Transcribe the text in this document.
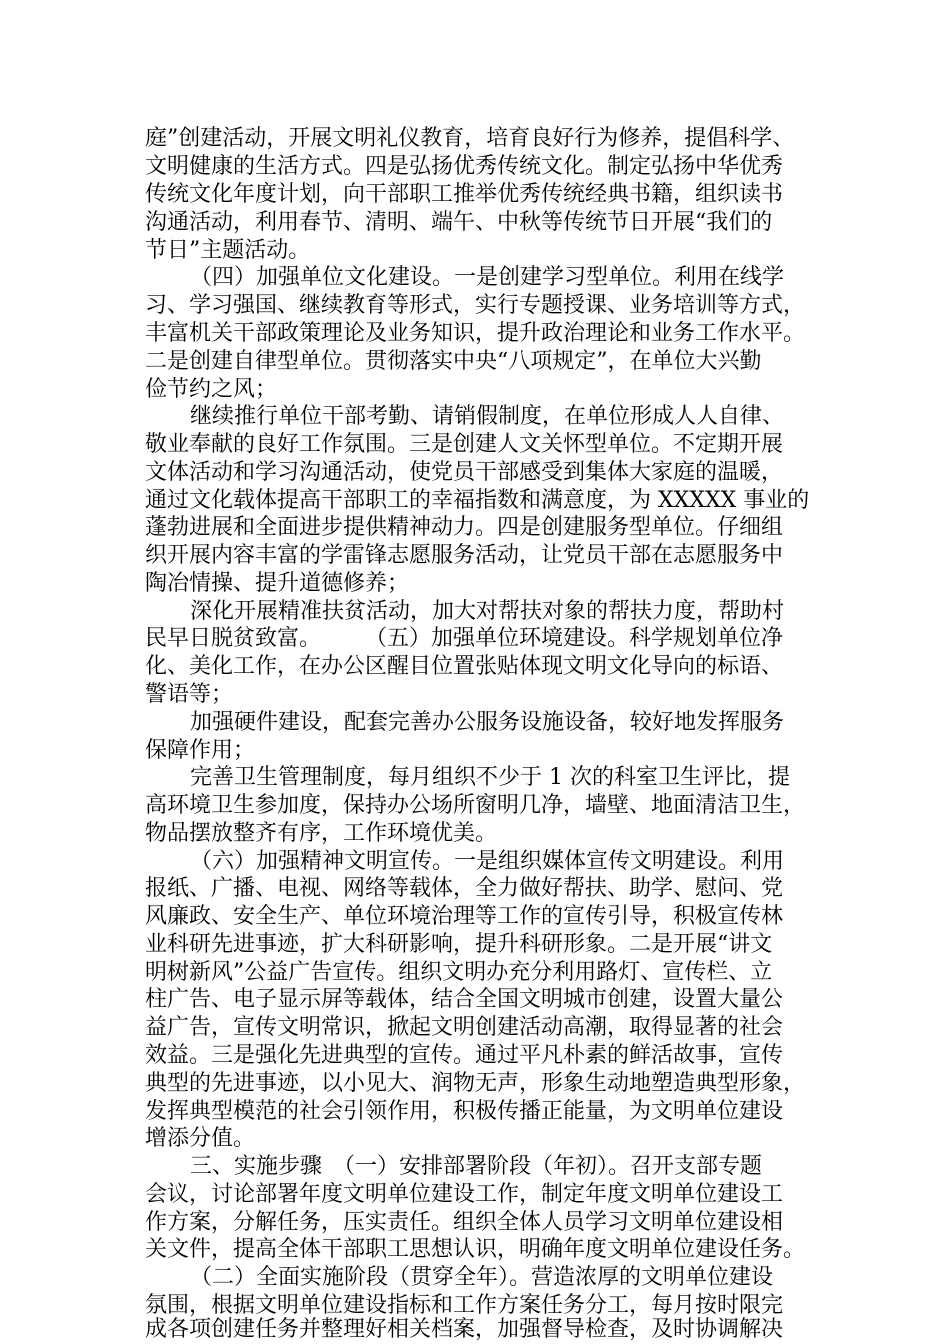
庭”创建活动，开展文明礼仪教育，培育良好行为修养，提倡科学、

文明健康的生活方式。四是弘扬优秀传统文化。制定弘扬中华优秀

传统文化年度计划，向干部职工推举优秀传统经典书籍，组织读书

沟通活动，利用春节、清明、端午、中秋等传统节日开展“我们的

节日”主题活动。

（四）加强单位文化建设。一是创建学习型单位。利用在线学

习、学习强国、继续教育等形式，实行专题授课、业务培训等方式，

丰富机关干部政策理论及业务知识，提升政治理论和业务工作水平。

二是创建自律型单位。贯彻落实中央“八项规定”，在单位大兴勤

俭节约之风；

继续推行单位干部考勤、请销假制度，在单位形成人人自律、

敬业奉献的良好工作氛围。三是创建人文关怀型单位。不定期开展

文体活动和学习沟通活动，使党员干部感受到集体大家庭的温暖，

通过文化载体提高干部职工的幸福指数和满意度，为 XXXXX 事业的

蓬勃进展和全面进步提供精神动力。四是创建服务型单位。仔细组

织开展内容丰富的学雷锋志愿服务活动，让党员干部在志愿服务中

陶冶情操、提升道德修养；

深化开展精准扶贫活动，加大对帮扶对象的帮扶力度，帮助村

民早日脱贫致富。　　　（五）加强单位环境建设。科学规划单位净

化、美化工作，在办公区醒目位置张贴体现文明文化导向的标语、

警语等；

加强硬件建设，配套完善办公服务设施设备，较好地发挥服务

保障作用；

完善卫生管理制度，每月组织不少于 1 次的科室卫生评比，提

高环境卫生参加度，保持办公场所窗明几净，墙壁、地面清洁卫生，

物品摆放整齐有序，工作环境优美。

（六）加强精神文明宣传。一是组织媒体宣传文明建设。利用

报纸、广播、电视、网络等载体，全力做好帮扶、助学、慰问、党

风廉政、安全生产、单位环境治理等工作的宣传引导，积极宣传林

业科研先进事迹，扩大科研影响，提升科研形象。二是开展“讲文

明树新风”公益广告宣传。组织文明办充分利用路灯、宣传栏、立

柱广告、电子显示屏等载体，结合全国文明城市创建，设置大量公

益广告，宣传文明常识，掀起文明创建活动高潮，取得显著的社会

效益。三是强化先进典型的宣传。通过平凡朴素的鲜活故事，宣传

典型的先进事迹，以小见大、润物无声，形象生动地塑造典型形象，

发挥典型模范的社会引领作用，积极传播正能量，为文明单位建设

增添分值。

三、实施步骤　（一）安排部署阶段（年初）。召开支部专题

会议，讨论部署年度文明单位建设工作，制定年度文明单位建设工

作方案，分解任务，压实责任。组织全体人员学习文明单位建设相

关文件，提高全体干部职工思想认识，明确年度文明单位建设任务。

（二）全面实施阶段（贯穿全年）。营造浓厚的文明单位建设

氛围，根据文明单位建设指标和工作方案任务分工，每月按时限完

成各项创建任务并整理好相关档案，加强督导检查，及时协调解决
